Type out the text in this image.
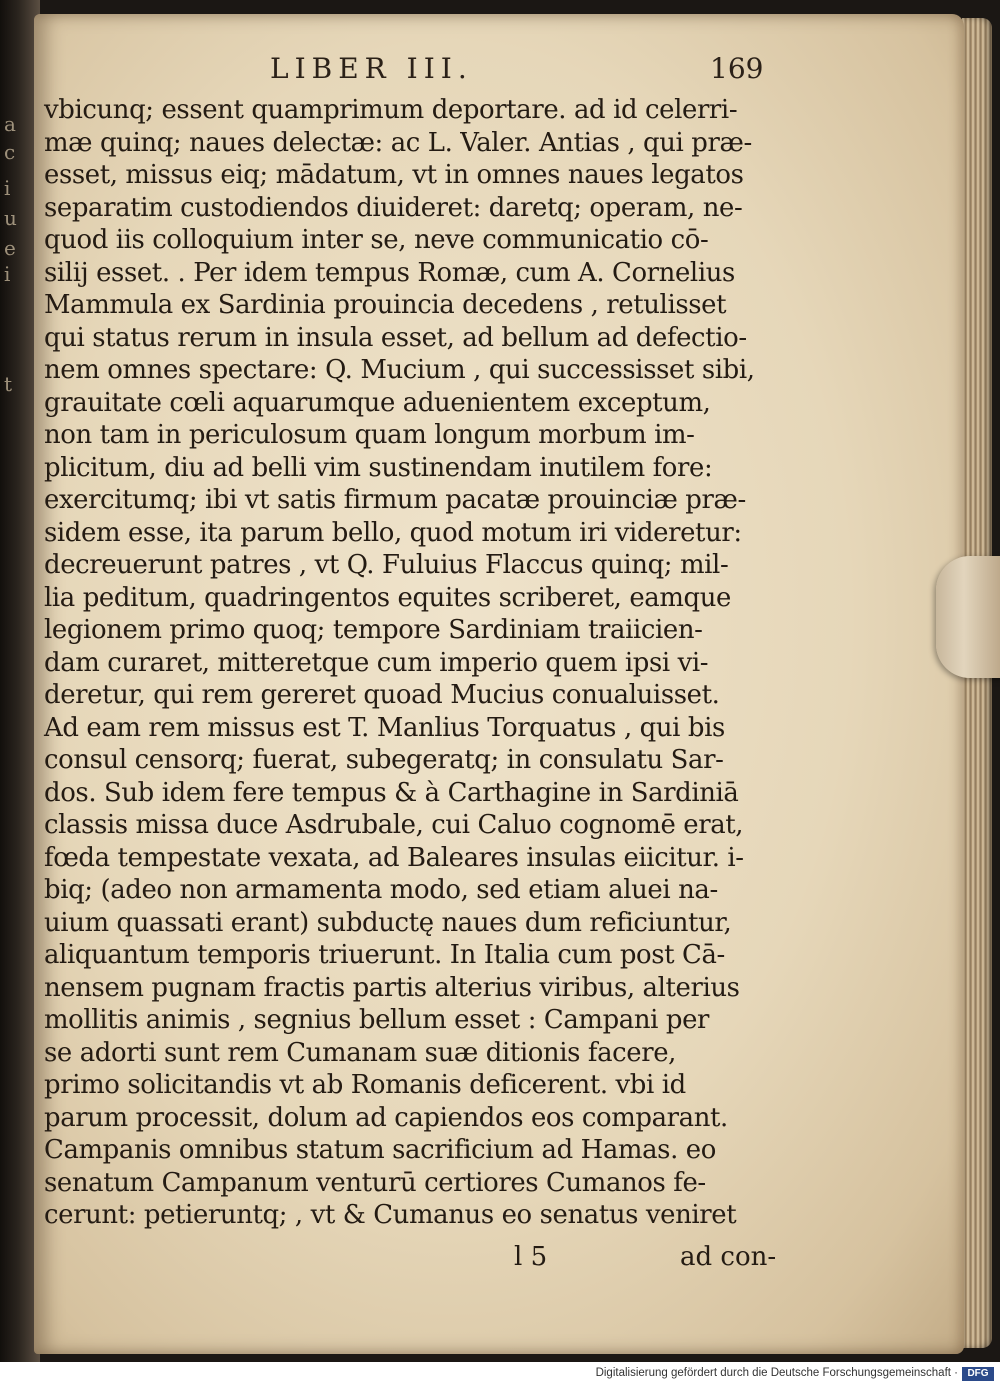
a
c
i
u
e
i
t
LIBER III.	169
vbicunq; essent quamprimum deportare. ad id celerri-
mæ quinq; naues delectæ: ac L. Valer. Antias , qui præ-
esset, missus eiq; mādatum, vt in omnes naues legatos
separatim custodiendos diuideret: daretq; operam, ne-
quod iis colloquium inter se, neve communicatio cō-
silij esset. . Per idem tempus Romæ, cum A. Cornelius
Mammula ex Sardinia prouincia decedens , retulisset
qui status rerum in insula esset, ad bellum ad defectio-
nem omnes spectare: Q. Mucium , qui successisset sibi,
grauitate cœli aquarumque aduenientem exceptum,
non tam in periculosum quam longum morbum im-
plicitum, diu ad belli vim sustinendam inutilem fore:
exercitumq; ibi vt satis firmum pacatæ prouinciæ præ-
sidem esse, ita parum bello, quod motum iri videretur:
decreuerunt patres , vt Q. Fuluius Flaccus quinq; mil-
lia peditum, quadringentos equites scriberet, eamque
legionem primo quoq; tempore Sardiniam traiicien-
dam curaret, mitteretque cum imperio quem ipsi vi-
deretur, qui rem gereret quoad Mucius conualuisset.
Ad eam rem missus est T. Manlius Torquatus , qui bis
consul censorq; fuerat, subegeratq; in consulatu Sar-
dos. Sub idem fere tempus & à Carthagine in Sardiniā
classis missa duce Asdrubale, cui Caluo cognomē erat,
fœda tempestate vexata, ad Baleares insulas eiicitur. i-
biq; (adeo non armamenta modo, sed etiam aluei na-
uium quassati erant) subductę naues dum reficiuntur,
aliquantum temporis triuerunt. In Italia cum post Cā-
nensem pugnam fractis partis alterius viribus, alterius
mollitis animis , segnius bellum esset : Campani per
se adorti sunt rem Cumanam suæ ditionis facere,
primo solicitandis vt ab Romanis deficerent. vbi id
parum processit, dolum ad capiendos eos comparant.
Campanis omnibus statum sacrificium ad Hamas. eo
senatum Campanum venturū certiores Cumanos fe-
cerunt: petieruntq; , vt & Cumanus eo senatus veniret
l 5	ad con-
Digitalisierung gefördert durch die Deutsche Forschungsgemeinschaft · DFG
